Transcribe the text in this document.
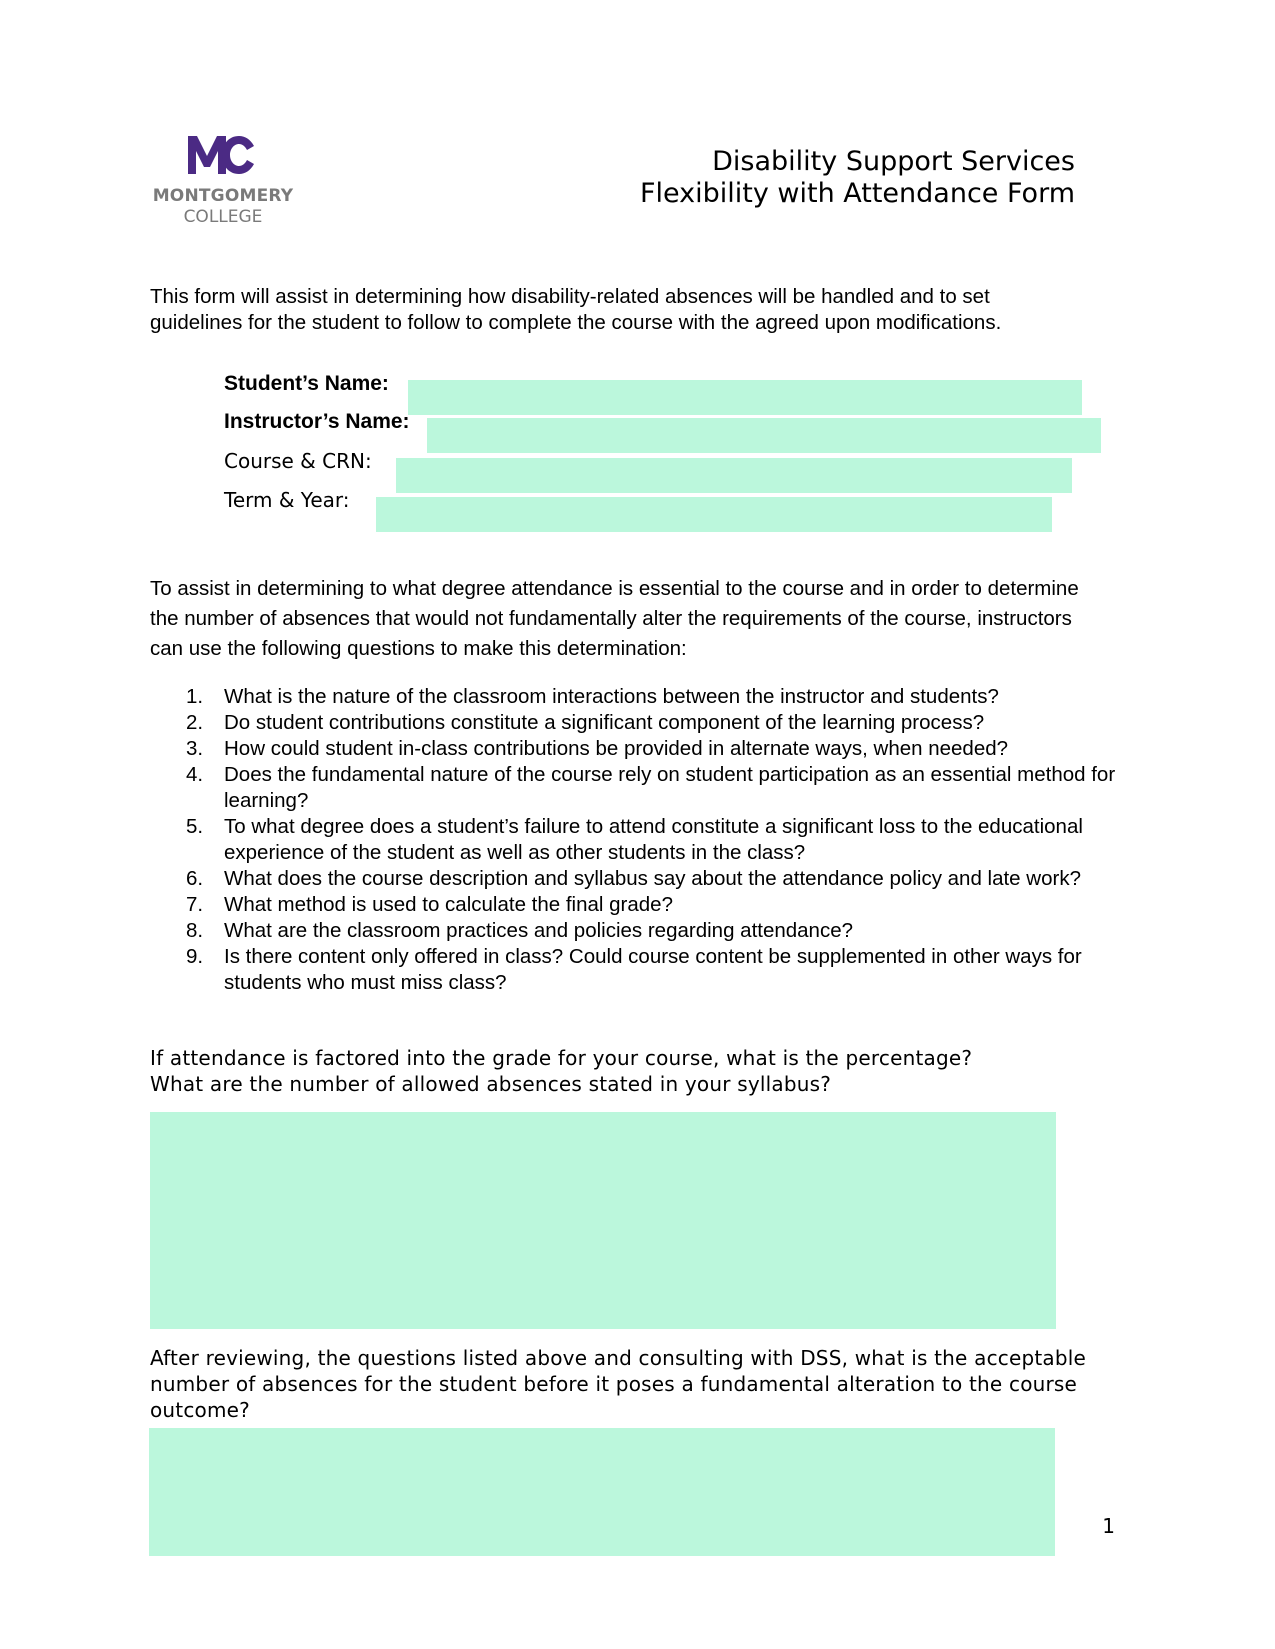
MONTGOMERY
COLLEGE
Disability Support Services
Flexibility with Attendance Form
This form will assist in determining how disability-related absences will be handled and to set guidelines for the student to follow to complete the course with the agreed upon modifications.
Student’s Name:
Instructor’s Name:
Course & CRN:
Term & Year:
To assist in determining to what degree attendance is essential to the course and in order to determine the number of absences that would not fundamentally alter the requirements of the course, instructors can use the following questions to make this determination:
1.	What is the nature of the classroom interactions between the instructor and students?
2.	Do student contributions constitute a significant component of the learning process?
3.	How could student in-class contributions be provided in alternate ways, when needed?
4.	Does the fundamental nature of the course rely on student participation as an essential method for learning?
5.	To what degree does a student’s failure to attend constitute a significant loss to the educational experience of the student as well as other students in the class?
6.	What does the course description and syllabus say about the attendance policy and late work?
7.	What method is used to calculate the final grade?
8.	What are the classroom practices and policies regarding attendance?
9.	Is there content only offered in class? Could course content be supplemented in other ways for students who must miss class?
If attendance is factored into the grade for your course, what is the percentage?
What are the number of allowed absences stated in your syllabus?
After reviewing, the questions listed above and consulting with DSS, what is the acceptable number of absences for the student before it poses a fundamental alteration to the course outcome?
1
